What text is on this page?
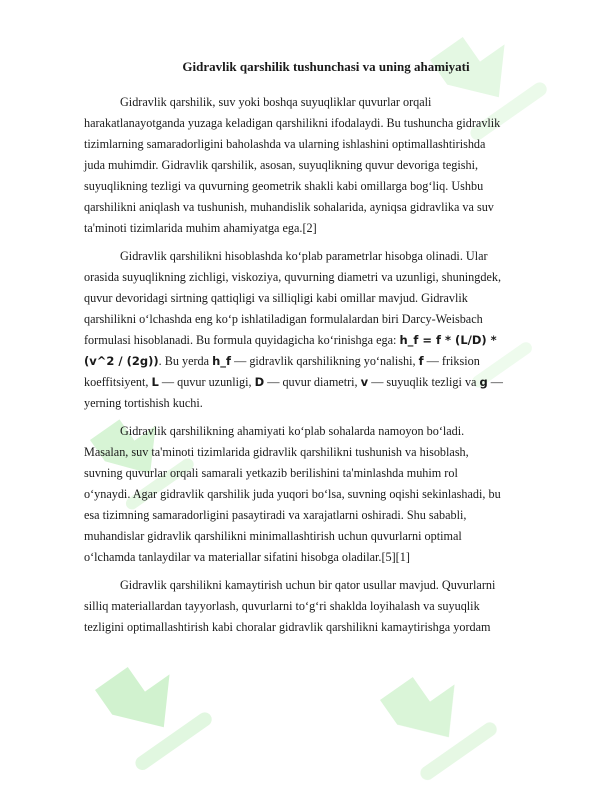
Gidravlik qarshilik tushunchasi va uning ahamiyati

Gidravlik qarshilik, suv yoki boshqa suyuqliklar quvurlar orqali
harakatlanayotganda yuzaga keladigan qarshilikni ifodalaydi. Bu tushuncha gidravlik
tizimlarning samaradorligini baholashda va ularning ishlashini optimallashtirishda
juda muhimdir. Gidravlik qarshilik, asosan, suyuqlikning quvur devoriga tegishi,
suyuqlikning tezligi va quvurning geometrik shakli kabi omillarga bog‘liq. Ushbu
qarshilikni aniqlash va tushunish, muhandislik sohalarida, ayniqsa gidravlika va suv
ta'minoti tizimlarida muhim ahamiyatga ega.[2]

Gidravlik qarshilikni hisoblashda ko‘plab parametrlar hisobga olinadi. Ular
orasida suyuqlikning zichligi, viskoziya, quvurning diametri va uzunligi, shuningdek,
quvur devoridagi sirtning qattiqligi va silliqligi kabi omillar mavjud. Gidravlik
qarshilikni o‘lchashda eng ko‘p ishlatiladigan formulalardan biri Darcy-Weisbach
formulasi hisoblanadi. Bu formula quyidagicha ko‘rinishga ega: h_f = f * (L/D) *
(v^2 / (2g)). Bu yerda h_f — gidravlik qarshilikning yo‘nalishi, f — friksion
koeffitsiyent, L — quvur uzunligi, D — quvur diametri, v — suyuqlik tezligi va g —
yerning tortishish kuchi.

Gidravlik qarshilikning ahamiyati ko‘plab sohalarda namoyon bo‘ladi.
Masalan, suv ta'minoti tizimlarida gidravlik qarshilikni tushunish va hisoblash,
suvning quvurlar orqali samarali yetkazib berilishini ta'minlashda muhim rol
o‘ynaydi. Agar gidravlik qarshilik juda yuqori bo‘lsa, suvning oqishi sekinlashadi, bu
esa tizimning samaradorligini pasaytiradi va xarajatlarni oshiradi. Shu sababli,
muhandislar gidravlik qarshilikni minimallashtirish uchun quvurlarni optimal
o‘lchamda tanlaydilar va materiallar sifatini hisobga oladilar.[5][1]

Gidravlik qarshilikni kamaytirish uchun bir qator usullar mavjud. Quvurlarni
silliq materiallardan tayyorlash, quvurlarni to‘g‘ri shaklda loyihalash va suyuqlik
tezligini optimallashtirish kabi choralar gidravlik qarshilikni kamaytirishga yordam
